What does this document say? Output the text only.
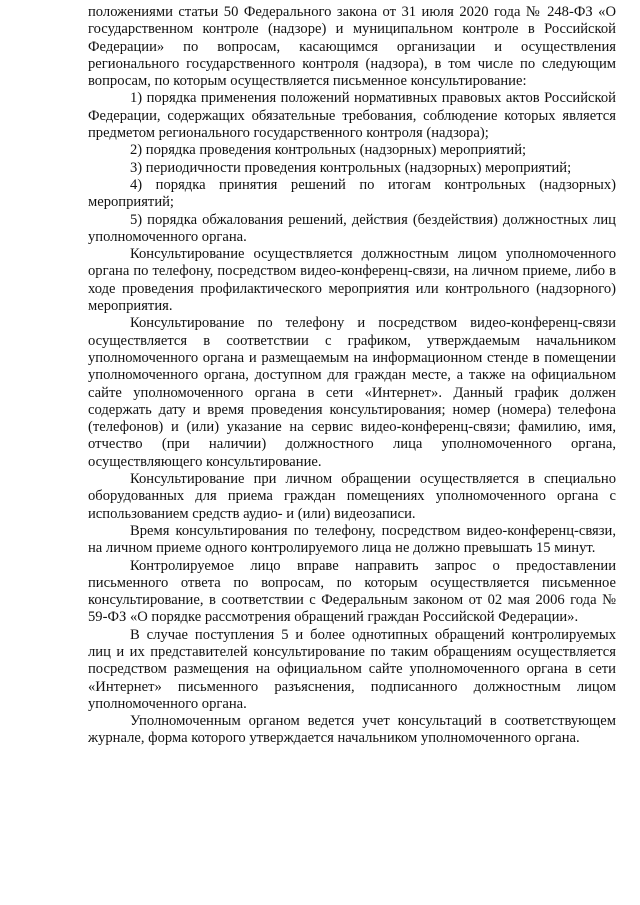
положениями статьи 50 Федерального закона от 31 июля 2020 года № 248-ФЗ «О государственном контроле (надзоре) и муниципальном контроле в Российской Федерации» по вопросам, касающимся организации и осуществления регионального государственного контроля (надзора), в том числе по следующим вопросам, по которым осуществляется письменное консультирование:

1) порядка применения положений нормативных правовых актов Российской Федерации, содержащих обязательные требования, соблюдение которых является предметом регионального государственного контроля (надзора);

2) порядка проведения контрольных (надзорных) мероприятий;

3) периодичности проведения контрольных (надзорных) мероприятий;

4) порядка принятия решений по итогам контрольных (надзорных) мероприятий;

5) порядка обжалования решений, действия (бездействия) должностных лиц уполномоченного органа.

Консультирование осуществляется должностным лицом уполномоченного органа по телефону, посредством видео-конференц-связи, на личном приеме, либо в ходе проведения профилактического мероприятия или контрольного (надзорного) мероприятия.

Консультирование по телефону и посредством видео-конференц-связи осуществляется в соответствии с графиком, утверждаемым начальником уполномоченного органа и размещаемым на информационном стенде в помещении уполномоченного органа, доступном для граждан месте, а также на официальном сайте уполномоченного органа в сети «Интернет». Данный график должен содержать дату и время проведения консультирования; номер (номера) телефона (телефонов) и (или) указание на сервис видео-конференц-связи; фамилию, имя, отчество (при наличии) должностного лица уполномоченного органа, осуществляющего консультирование.

Консультирование при личном обращении осуществляется в специально оборудованных для приема граждан помещениях уполномоченного органа с использованием средств аудио- и (или) видеозаписи.

Время консультирования по телефону, посредством видео-конференц-связи, на личном приеме одного контролируемого лица не должно превышать 15 минут.

Контролируемое лицо вправе направить запрос о предоставлении письменного ответа по вопросам, по которым осуществляется письменное консультирование, в соответствии с Федеральным законом от 02 мая 2006 года № 59-ФЗ «О порядке рассмотрения обращений граждан Российской Федерации».

В случае поступления 5 и более однотипных обращений контролируемых лиц и их представителей консультирование по таким обращениям осуществляется посредством размещения на официальном сайте уполномоченного органа в сети «Интернет» письменного разъяснения, подписанного должностным лицом уполномоченного органа.

Уполномоченным органом ведется учет консультаций в соответствующем журнале, форма которого утверждается начальником уполномоченного органа.
